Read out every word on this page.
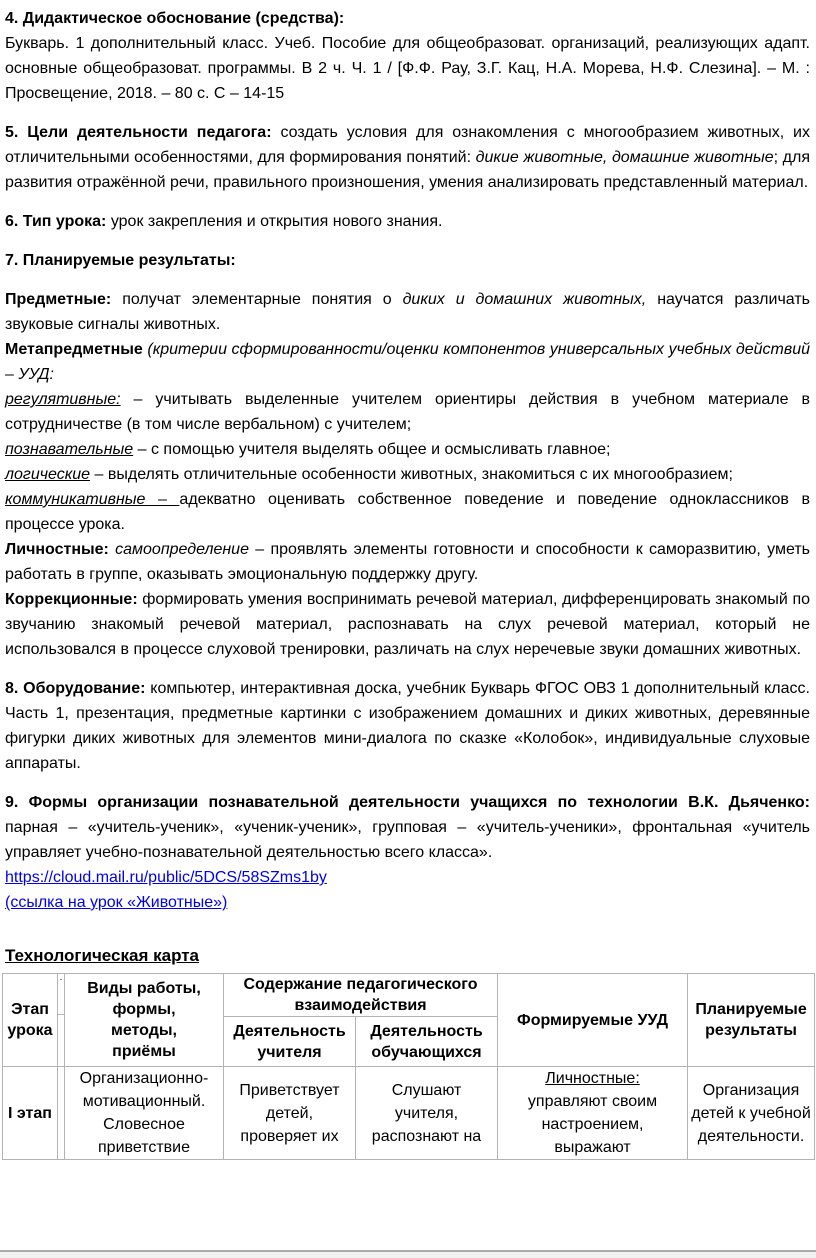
4. Дидактическое обоснование (средства):

Букварь. 1 дополнительный класс. Учеб. Пособие для общеобразоват. организаций, реализующих адапт. основные общеобразоват. программы. В 2 ч. Ч. 1 / [Ф.Ф. Рау, З.Г. Кац, Н.А. Морева, Н.Ф. Слезина]. – М. : Просвещение, 2018. – 80 с. С – 14-15

5. Цели деятельности педагога: создать условия для ознакомления с многообразием животных, их отличительными особенностями, для формирования понятий: дикие животные, домашние животные; для развития отражённой речи, правильного произношения, умения анализировать представленный материал.

6. Тип урока: урок закрепления и открытия нового знания.

7. Планируемые результаты:

Предметные: получат элементарные понятия о диких и домашних животных, научатся различать звуковые сигналы животных.

Метапредметные (критерии сформированности/оценки компонентов универсальных учебных действий – УУД:

регулятивные: – учитывать выделенные учителем ориентиры действия в учебном материале в сотрудничестве (в том числе вербальном) с учителем;

познавательные – с помощью учителя выделять общее и осмысливать главное;

логические – выделять отличительные особенности животных, знакомиться с их многообразием;

коммуникативные – адекватно оценивать собственное поведение и поведение одноклассников в процессе урока.

Личностные: самоопределение – проявлять элементы готовности и способности к саморазвитию, уметь работать в группе, оказывать эмоциональную поддержку другу.

Коррекционные: формировать умения воспринимать речевой материал, дифференцировать знакомый по звучанию знакомый речевой материал, распознавать на слух речевой материал, который не использовался в процессе слуховой тренировки, различать на слух неречевые звуки домашних животных.

8. Оборудование: компьютер, интерактивная доска, учебник Букварь ФГОС ОВЗ 1 дополнительный класс. Часть 1, презентация, предметные картинки с изображением домашних и диких животных, деревянные фигурки диких животных для элементов мини-диалога по сказке «Колобок», индивидуальные слуховые аппараты.

9. Формы организации познавательной деятельности учащихся по технологии В.К. Дьяченко: парная – «учитель-ученик», «ученик-ученик», групповая – «учитель-ученики», фронтальная «учитель управляет учебно-познавательной деятельностью всего класса».

https://cloud.mail.ru/public/5DCS/58SZms1by
(ссылка на урок «Животные»)

Технологическая карта

Этап урока	·	Виды работы, формы, методы, приёмы	Содержание педагогического взаимодействия		Формируемые УУД	Планируемые результаты

			Деятельность учителя	Деятельность обучающихся		

I этап		Организационно-мотивационный. Словесное приветствие	Приветствует детей, проверяет их	Слушают учителя, распознают на	Личностные: управляют своим настроением, выражают	Организация детей к учебной деятельности.
